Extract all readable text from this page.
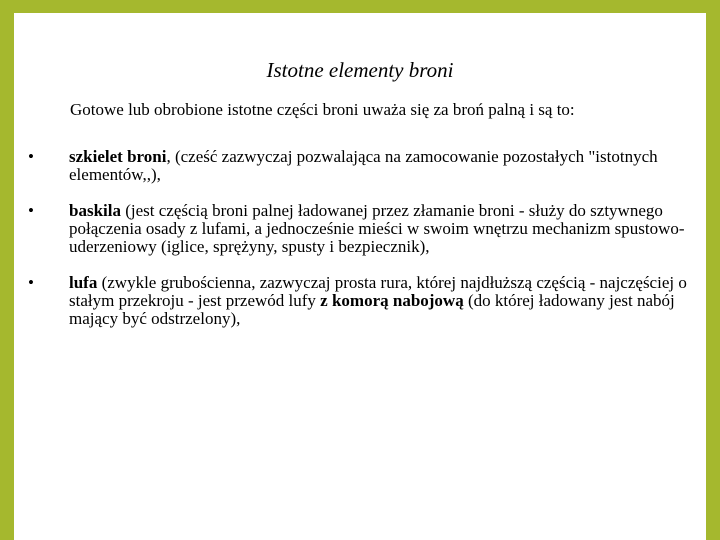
Istotne elementy broni

Gotowe lub obrobione istotne części broni uważa się za broń palną i są to:

• szkielet broni, (cześć zazwyczaj pozwalająca na zamocowanie pozostałych "istotnych elementów,,),
• baskila (jest częścią broni palnej ładowanej przez złamanie broni - służy do sztywnego połączenia osady z lufami, a jednocześnie mieści w swoim wnętrzu mechanizm spustowo-uderzeniowy (iglice, sprężyny, spusty i bezpiecznik),
• lufa (zwykle grubościenna, zazwyczaj prosta rura, której najdłuższą częścią - najczęściej o stałym przekroju - jest przewód lufy z komorą nabojową (do której ładowany jest nabój mający być odstrzelony),
